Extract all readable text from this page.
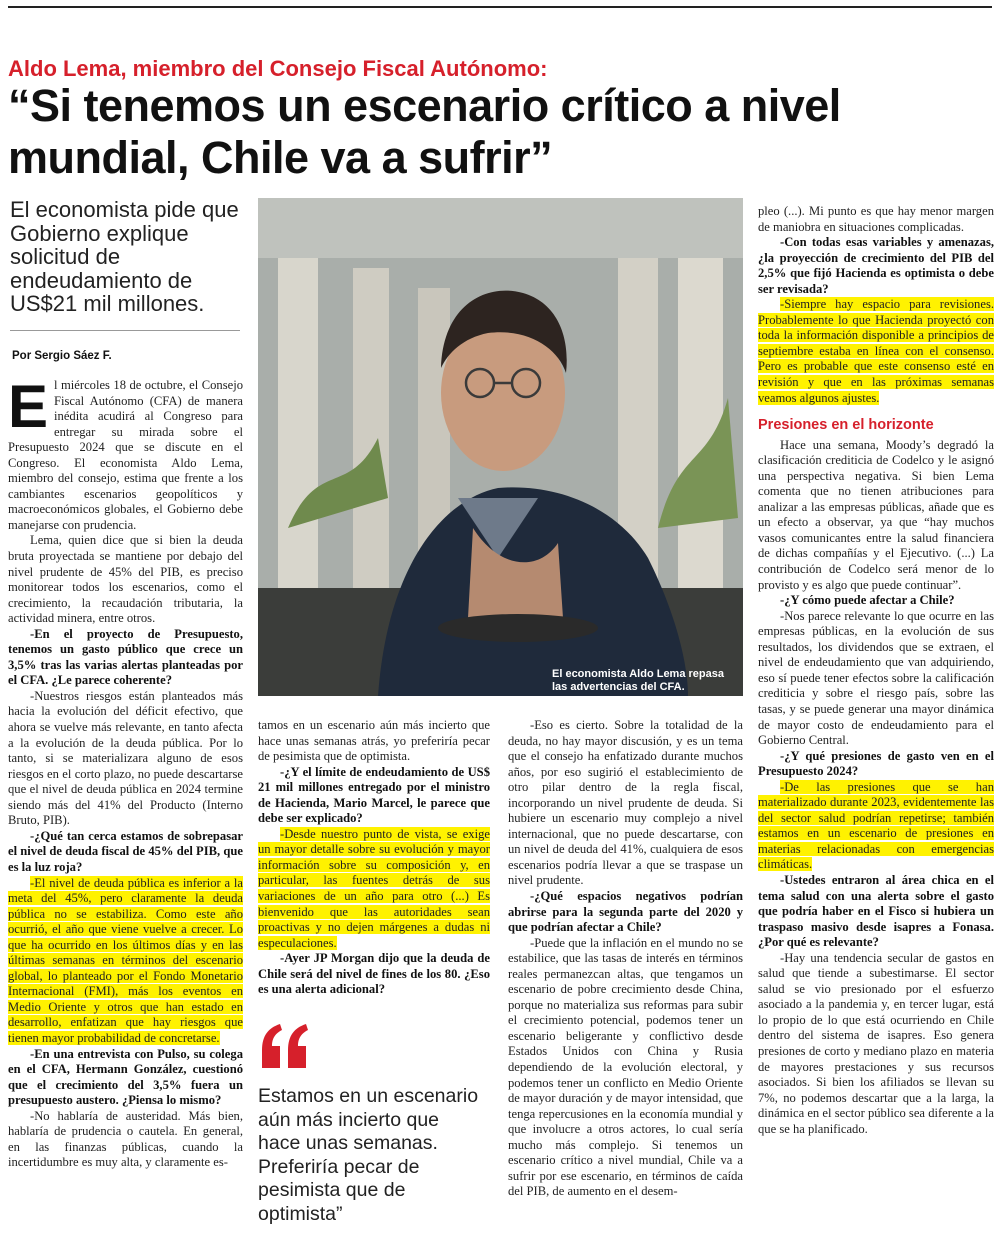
Aldo Lema, miembro del Consejo Fiscal Autónomo:
“Si tenemos un escenario crítico a nivel mundial, Chile va a sufrir”
El economista pide que Gobierno explique solicitud de endeudamiento de US$21 mil millones.
Por Sergio Sáez F.

El miércoles 18 de octubre, el Consejo Fiscal Autónomo (CFA) de manera inédita acudirá al Congreso para entregar su mirada sobre el Presupuesto 2024 que se discute en el Congreso. El economista Aldo Lema, miembro del consejo, estima que frente a los cambiantes escenarios geopolíticos y macroeconómicos globales, el Gobierno debe manejarse con prudencia.

Lema, quien dice que si bien la deuda bruta proyectada se mantiene por debajo del nivel prudente de 45% del PIB, es preciso monitorear todos los escenarios, como el crecimiento, la recaudación tributaria, la actividad minera, entre otros.

-En el proyecto de Presupuesto, tenemos un gasto público que crece un 3,5% tras las varias alertas planteadas por el CFA. ¿Le parece coherente?

-Nuestros riesgos están planteados más hacia la evolución del déficit efectivo, que ahora se vuelve más relevante, en tanto afecta a la evolución de la deuda pública. Por lo tanto, si se materializara alguno de esos riesgos en el corto plazo, no puede descartarse que el nivel de deuda pública en 2024 termine siendo más del 41% del Producto (Interno Bruto, PIB).

-¿Qué tan cerca estamos de sobrepasar el nivel de deuda fiscal de 45% del PIB, que es la luz roja?

-El nivel de deuda pública es inferior a la meta del 45%, pero claramente la deuda pública no se estabiliza. Como este año ocurrió, el año que viene vuelve a crecer. Lo que ha ocurrido en los últimos días y en las últimas semanas en términos del escenario global, lo planteado por el Fondo Monetario Internacional (FMI), más los eventos en Medio Oriente y otros que han estado en desarrollo, enfatizan que hay riesgos que tienen mayor probabilidad de concretarse.

-En una entrevista con Pulso, su colega en el CFA, Hermann González, cuestionó que el crecimiento del 3,5% fuera un presupuesto austero. ¿Piensa lo mismo?

-No hablaría de austeridad. Más bien, hablaría de prudencia o cautela. En general, en las finanzas públicas, cuando la incertidumbre es muy alta, y claramente es-

El economista Aldo Lema repasa las advertencias del CFA.

tamos en un escenario aún más incierto que hace unas semanas atrás, yo preferiría pecar de pesimista que de optimista.

-¿Y el límite de endeudamiento de US$ 21 mil millones entregado por el ministro de Hacienda, Mario Marcel, le parece que debe ser explicado?

-Desde nuestro punto de vista, se exige un mayor detalle sobre su evolución y mayor información sobre su composición y, en particular, las fuentes detrás de sus variaciones de un año para otro (...) Es bienvenido que las autoridades sean proactivas y no dejen márgenes a dudas ni especulaciones.

-Ayer JP Morgan dijo que la deuda de Chile será del nivel de fines de los 80. ¿Eso es una alerta adicional?

Estamos en un escenario aún más incierto que hace unas semanas. Preferiría pecar de pesimista que de optimista”

-Eso es cierto. Sobre la totalidad de la deuda, no hay mayor discusión, y es un tema que el consejo ha enfatizado durante muchos años, por eso sugirió el establecimiento de otro pilar dentro de la regla fiscal, incorporando un nivel prudente de deuda. Si hubiere un escenario muy complejo a nivel internacional, que no puede descartarse, con un nivel de deuda del 41%, cualquiera de esos escenarios podría llevar a que se traspase un nivel prudente.

-¿Qué espacios negativos podrían abrirse para la segunda parte del 2020 y que podrían afectar a Chile?

-Puede que la inflación en el mundo no se estabilice, que las tasas de interés en términos reales permanezcan altas, que tengamos un escenario de pobre crecimiento desde China, porque no materializa sus reformas para subir el crecimiento potencial, podemos tener un escenario beligerante y conflictivo desde Estados Unidos con China y Rusia dependiendo de la evolución electoral, y podemos tener un conflicto en Medio Oriente de mayor duración y de mayor intensidad, que tenga repercusiones en la economía mundial y que involucre a otros actores, lo cual sería mucho más complejo. Si tenemos un escenario crítico a nivel mundial, Chile va a sufrir por ese escenario, en términos de caída del PIB, de aumento en el desem-

pleo (...). Mi punto es que hay menor margen de maniobra en situaciones complicadas.

-Con todas esas variables y amenazas, ¿la proyección de crecimiento del PIB del 2,5% que fijó Hacienda es optimista o debe ser revisada?

-Siempre hay espacio para revisiones. Probablemente lo que Hacienda proyectó con toda la información disponible a principios de septiembre estaba en línea con el consenso. Pero es probable que este consenso esté en revisión y que en las próximas semanas veamos algunos ajustes.

Presiones en el horizonte

Hace una semana, Moody’s degradó la clasificación crediticia de Codelco y le asignó una perspectiva negativa. Si bien Lema comenta que no tienen atribuciones para analizar a las empresas públicas, añade que es un efecto a observar, ya que “hay muchos vasos comunicantes entre la salud financiera de dichas compañías y el Ejecutivo. (...) La contribución de Codelco será menor de lo provisto y es algo que puede continuar”.

-¿Y cómo puede afectar a Chile?

-Nos parece relevante lo que ocurre en las empresas públicas, en la evolución de sus resultados, los dividendos que se extraen, el nivel de endeudamiento que van adquiriendo, eso sí puede tener efectos sobre la calificación crediticia y sobre el riesgo país, sobre las tasas, y se puede generar una mayor dinámica de mayor costo de endeudamiento para el Gobierno Central.

-¿Y qué presiones de gasto ven en el Presupuesto 2024?

-De las presiones que se han materializado durante 2023, evidentemente las del sector salud podrían repetirse; también estamos en un escenario de presiones en materias relacionadas con emergencias climáticas.

-Ustedes entraron al área chica en el tema salud con una alerta sobre el gasto que podría haber en el Fisco si hubiera un traspaso masivo desde isapres a Fonasa. ¿Por qué es relevante?

-Hay una tendencia secular de gastos en salud que tiende a subestimarse. El sector salud se vio presionado por el esfuerzo asociado a la pandemia y, en tercer lugar, está lo propio de lo que está ocurriendo en Chile dentro del sistema de isapres. Eso genera presiones de corto y mediano plazo en materia de mayores prestaciones y sus recursos asociados. Si bien los afiliados se llevan su 7%, no podemos descartar que a la larga, la dinámica en el sector público sea diferente a la que se ha planificado.
